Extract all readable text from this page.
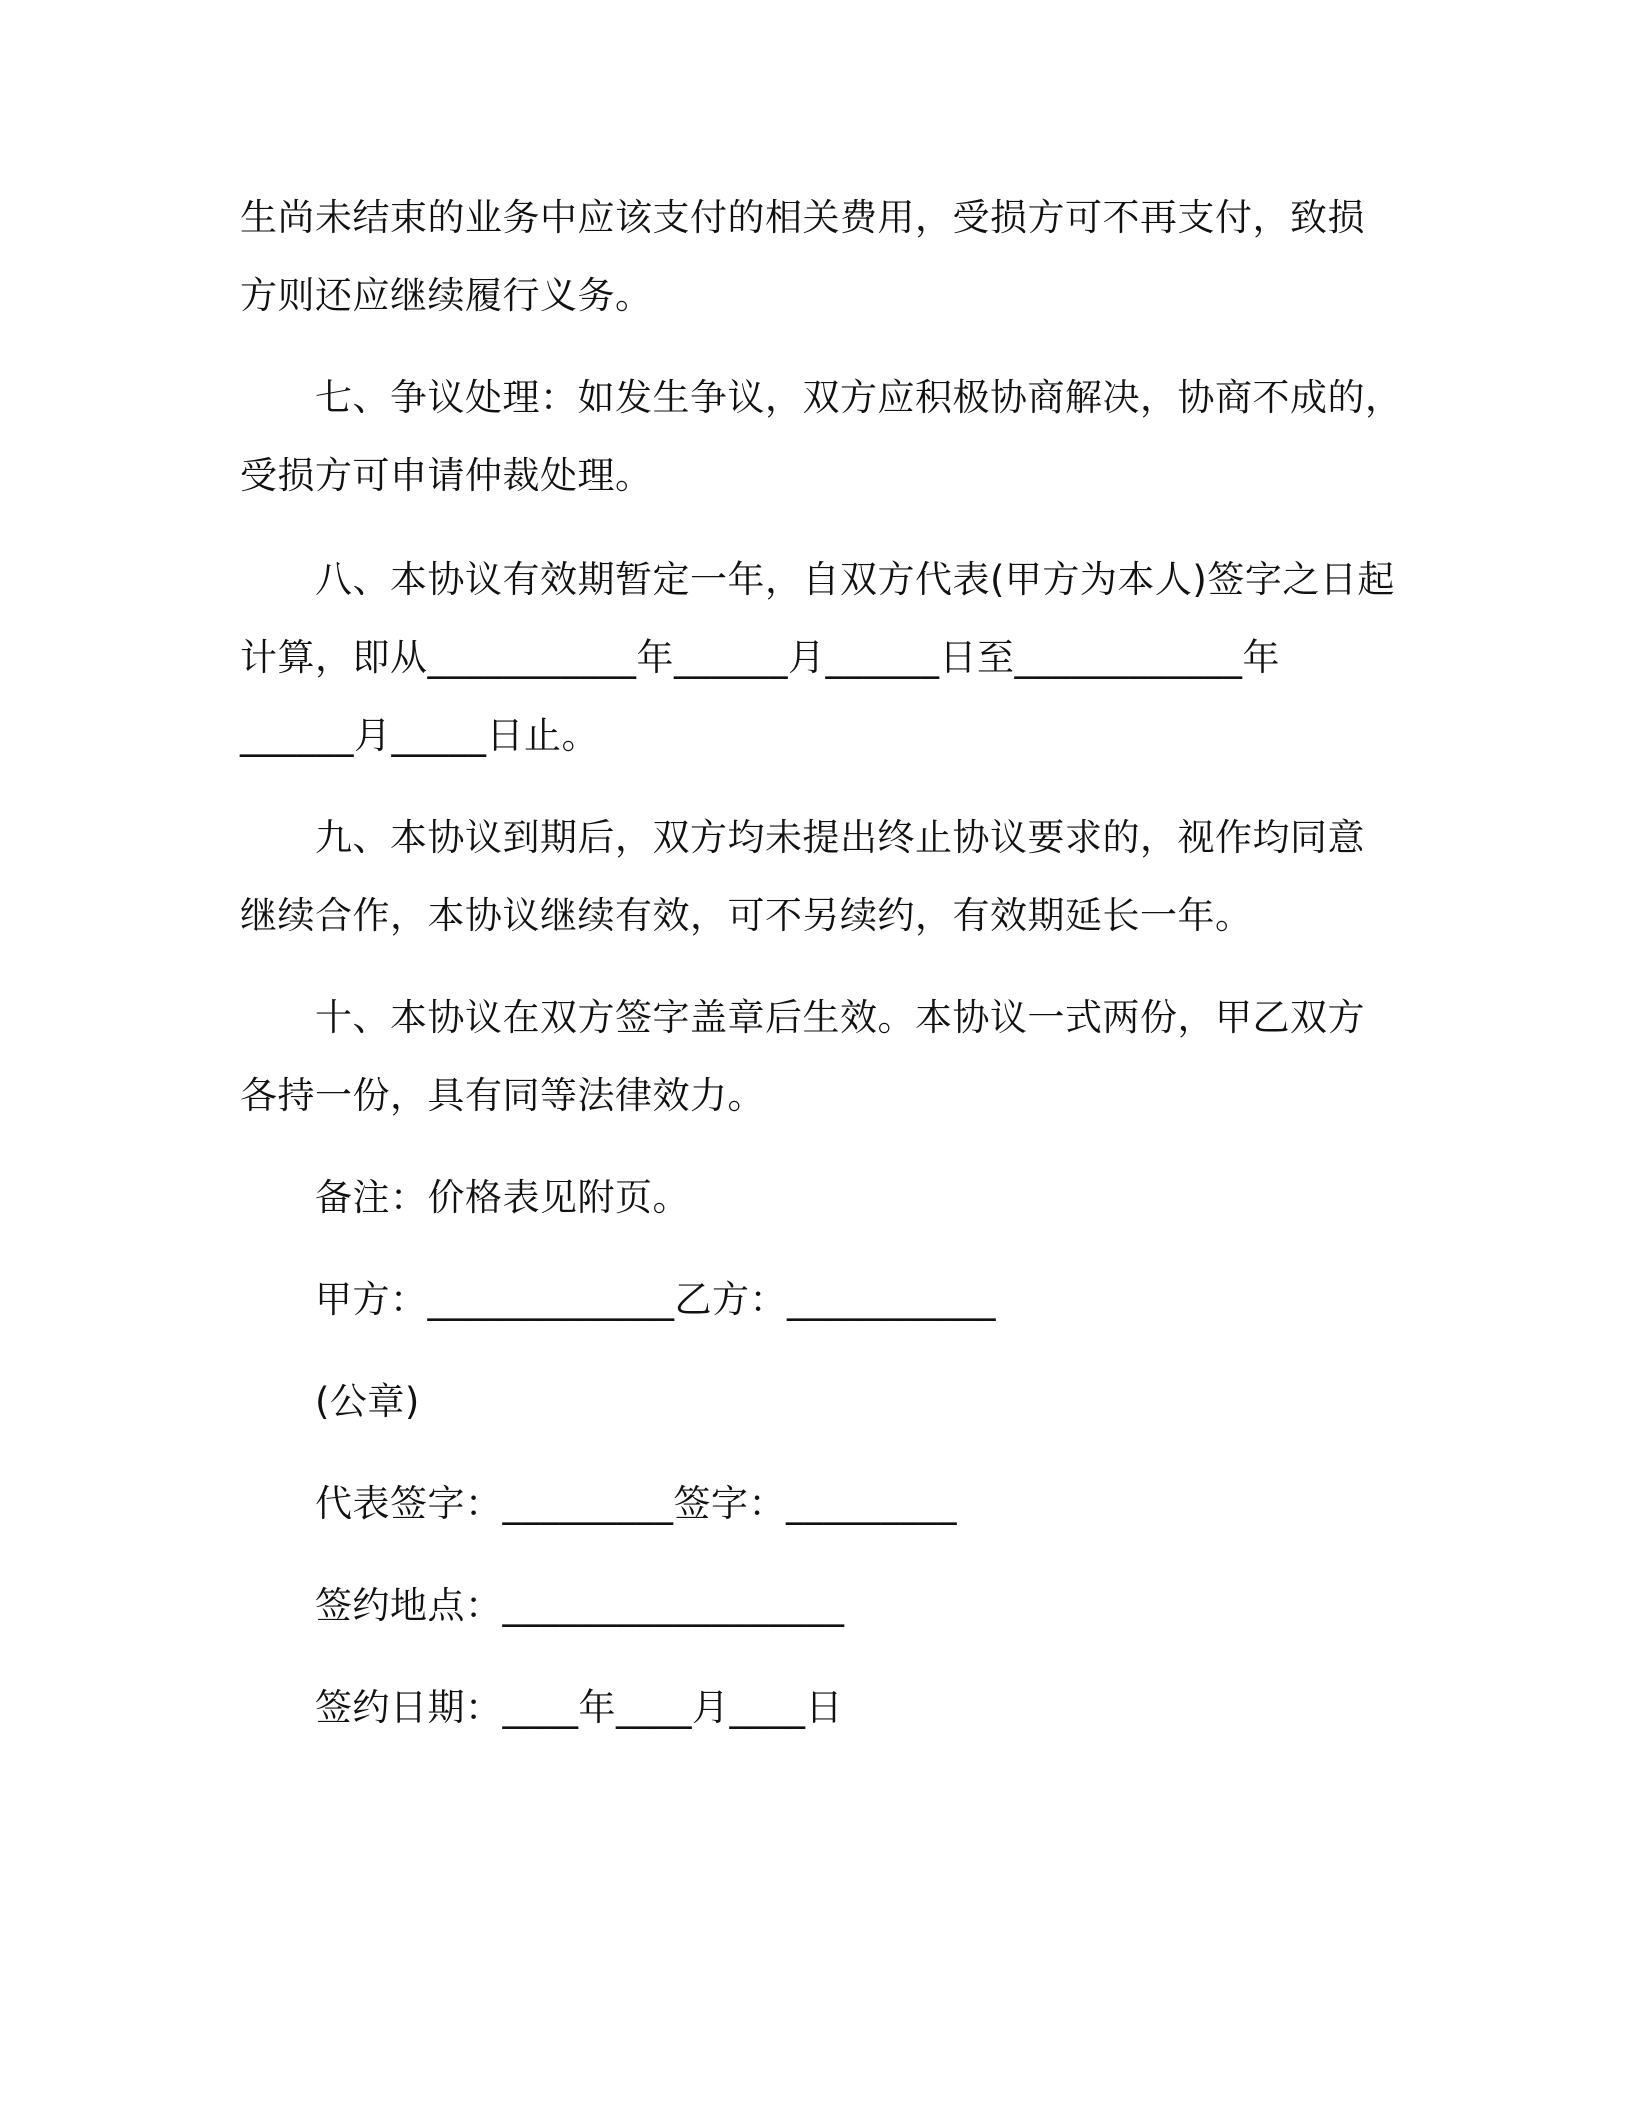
生尚未结束的业务中应该支付的相关费用，受损方可不再支付，致损
方则还应继续履行义务。
七、争议处理：如发生争议，双方应积极协商解决，协商不成的，
受损方可申请仲裁处理。
八、本协议有效期暂定一年，自双方代表(甲方为本人)签字之日起
计算，即从___________年______月______日至____________年
______月_____日止。
九、本协议到期后，双方均未提出终止协议要求的，视作均同意
继续合作，本协议继续有效，可不另续约，有效期延长一年。
十、本协议在双方签字盖章后生效。本协议一式两份，甲乙双方
各持一份，具有同等法律效力。
备注：价格表见附页。
甲方：_____________乙方：___________
(公章)
代表签字：_________签字：_________
签约地点：__________________
签约日期：____年____月____日
